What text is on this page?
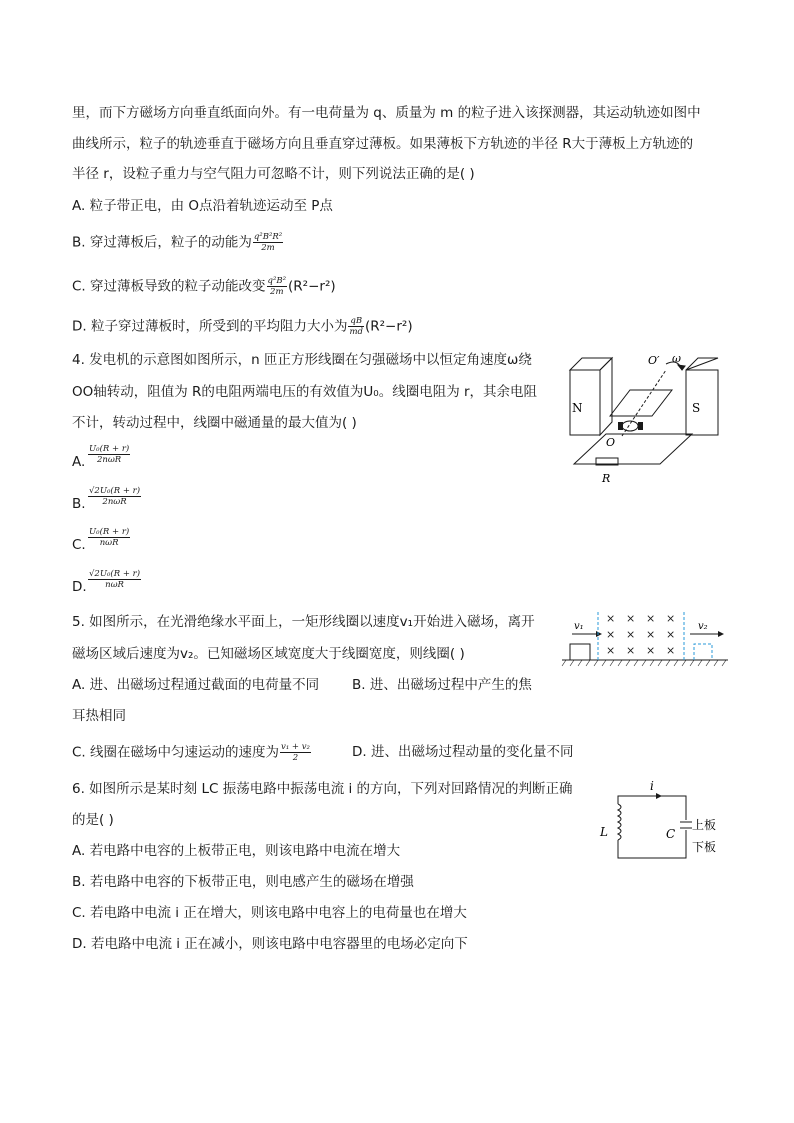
里，而下方磁场方向垂直纸面向外。有一电荷量为 q、质量为 m 的粒子进入该探测器，其运动轨迹如图中
曲线所示，粒子的轨迹垂直于磁场方向且垂直穿过薄板。如果薄板下方轨迹的半径 R大于薄板上方轨迹的
半径 r，设粒子重力与空气阻力可忽略不计，则下列说法正确的是( )
A. 粒子带正电，由 O点沿着轨迹运动至 P点
B. 穿过薄板后，粒子的动能为 $\frac{\text{q²B²R²}}{2m}$
C. 穿过薄板导致的粒子动能改变 $\frac{\text{q²B²}}{2m} (R^2-r^2)$
D. 粒子穿过薄板时，所受到的平均阻力大小为 $\frac{qB}{md} (R^2-r^2)$
4. 发电机的示意图如图所示，n 匝正方形线圈在匀强磁场中以恒定角速度ω绕
OO轴转动，阻值为 R的电阻两端电压的有效值为U₀。线圈电阻为 r，其余电阻
不计，转动过程中，线圈中磁通量的最大值为( )
A.
U₀(R + r)
2nωR
B.
√2U₀(R + r)
2nωR
C.
U₀(R + r)
nωR
D.
√2U₀(R + r)
nωR
N	S
O′ ω
O
R
5. 如图所示，在光滑绝缘水平面上，一矩形线圈以速度v₁开始进入磁场，离开
磁场区域后速度为v₂。已知磁场区域宽度大于线圈宽度，则线圈( )
A. 进、出磁场过程通过截面的电荷量不同 B. 进、出磁场过程中产生的焦
耳热相同
C. 线圈在磁场中匀速运动的速度为 $\frac{\text{v₁ + v₂}}{2}$	D. 进、出磁场过程动量的变化量不同
× × × ×
× × × ×
× × × ×
v₁	v₂
6. 如图所示是某时刻 LC 振荡电路中振荡电流 i 的方向，下列对回路情况的判断正确
的是( )
A. 若电路中电容的上板带正电，则该电路中电流在增大
B. 若电路中电容的下板带正电，则电感产生的磁场在增强
C. 若电路中电流 i 正在增大，则该电路中电容上的电荷量也在增大
D. 若电路中电流 i 正在减小，则该电路中电容器里的电场必定向下
i
L	C
上板
下板
